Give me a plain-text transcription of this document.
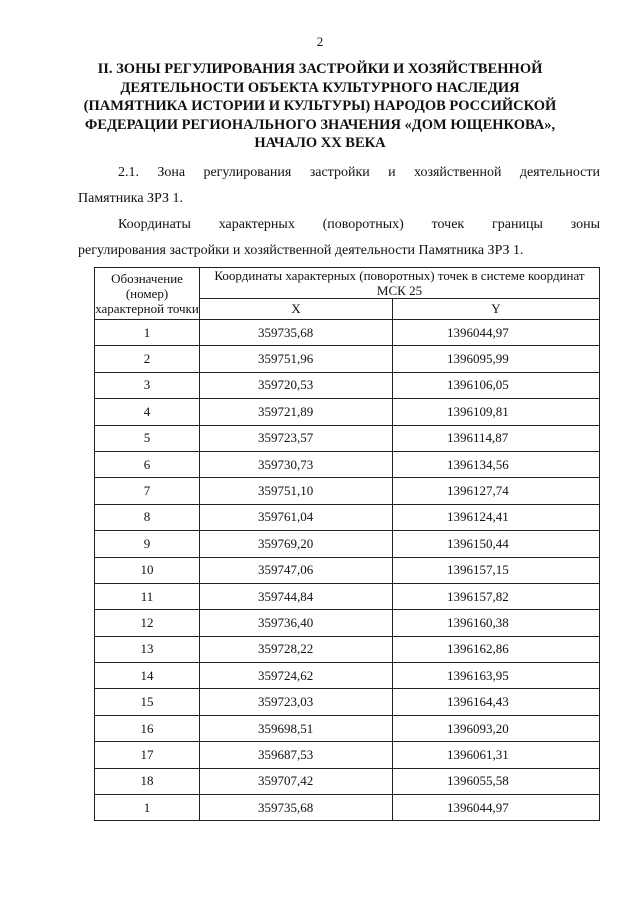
2
II. ЗОНЫ РЕГУЛИРОВАНИЯ ЗАСТРОЙКИ И ХОЗЯЙСТВЕННОЙ
ДЕЯТЕЛЬНОСТИ ОБЪЕКТА КУЛЬТУРНОГО НАСЛЕДИЯ
(ПАМЯТНИКА ИСТОРИИ И КУЛЬТУРЫ) НАРОДОВ РОССИЙСКОЙ
ФЕДЕРАЦИИ РЕГИОНАЛЬНОГО ЗНАЧЕНИЯ «ДОМ ЮЩЕНКОВА»,
НАЧАЛО XX ВЕКА

2.1. Зона регулирования застройки и хозяйственной деятельности
Памятника ЗРЗ 1.

Координаты характерных (поворотных) точек границы зоны
регулирования застройки и хозяйственной деятельности Памятника ЗРЗ 1.

Обозначение (номер) характерной точки	Координаты характерных (поворотных) точек в системе координат МСК 25	
	X	Y
1	359735,68	1396044,97
2	359751,96	1396095,99
3	359720,53	1396106,05
4	359721,89	1396109,81
5	359723,57	1396114,87
6	359730,73	1396134,56
7	359751,10	1396127,74
8	359761,04	1396124,41
9	359769,20	1396150,44
10	359747,06	1396157,15
11	359744,84	1396157,82
12	359736,40	1396160,38
13	359728,22	1396162,86
14	359724,62	1396163,95
15	359723,03	1396164,43
16	359698,51	1396093,20
17	359687,53	1396061,31
18	359707,42	1396055,58
1	359735,68	1396044,97
